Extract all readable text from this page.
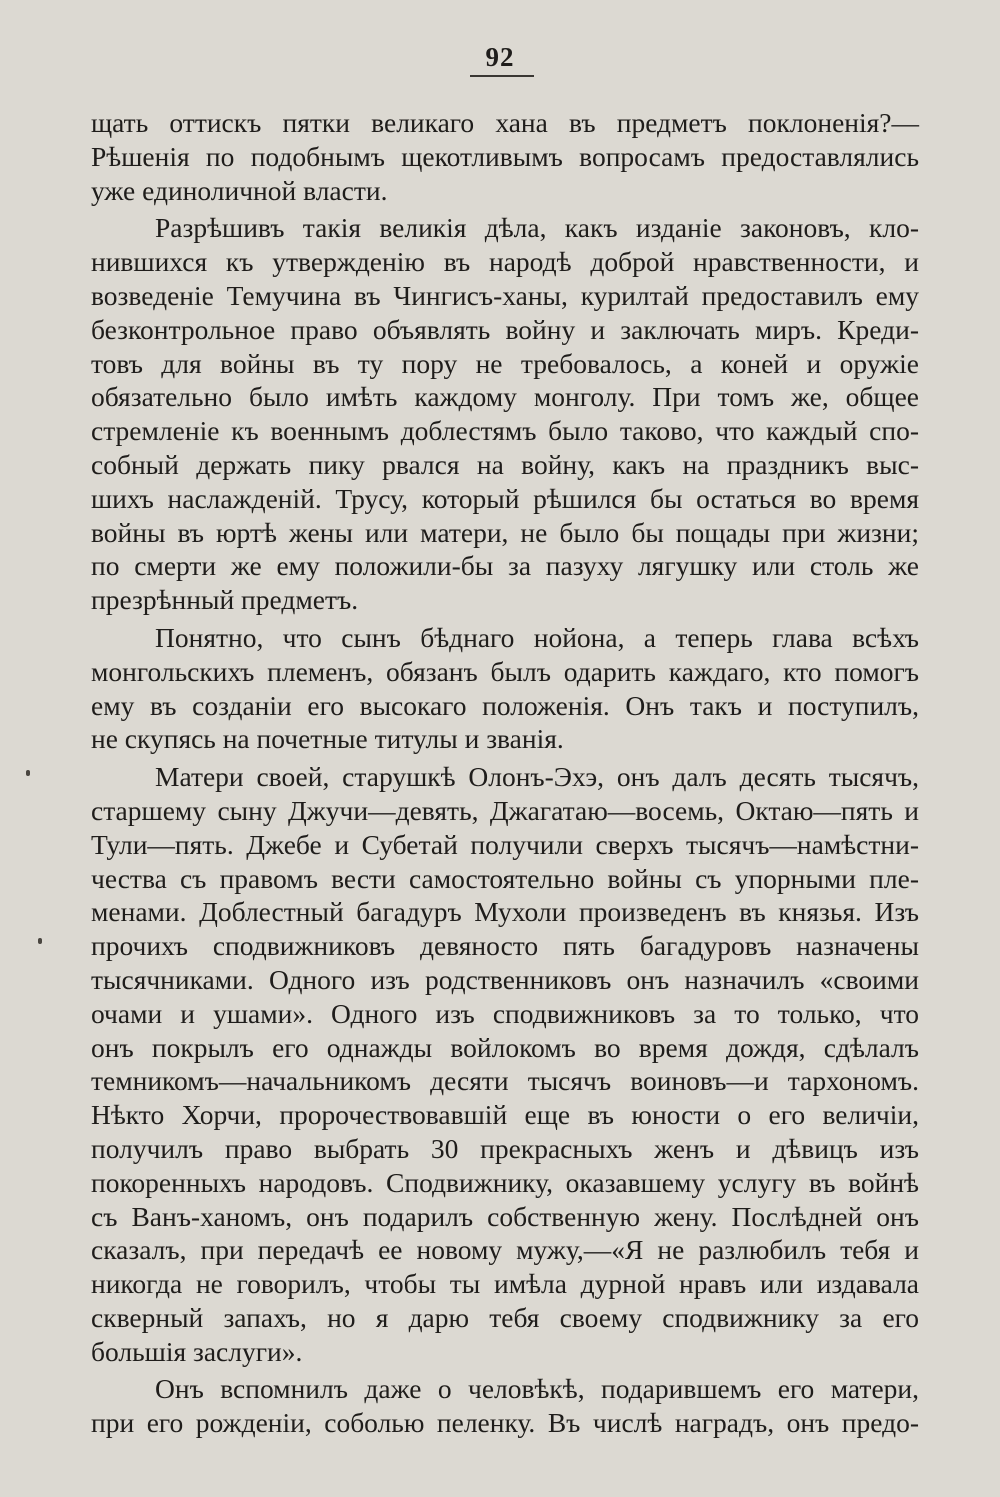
92
щать оттискъ пятки великаго хана въ предметъ поклоненія?—
Рѣшенія по подобнымъ щекотливымъ вопросамъ предоставлялись
уже единоличной власти.
Разрѣшивъ такія великія дѣла, какъ изданіе законовъ, кло-
нившихся къ утвержденію въ народѣ доброй нравственности, и
возведеніе Темучина въ Чингисъ-ханы, курилтай предоставилъ ему
безконтрольное право объявлять войну и заключать миръ. Креди-
товъ для войны въ ту пору не требовалось, а коней и оружіе
обязательно было имѣть каждому монголу. При томъ же, общее
стремленіе къ военнымъ доблестямъ было таково, что каждый спо-
собный держать пику рвался на войну, какъ на праздникъ выс-
шихъ наслажденій. Трусу, который рѣшился бы остаться во время
войны въ юртѣ жены или матери, не было бы пощады при жизни;
по смерти же ему положили-бы за пазуху лягушку или столь же
презрѣнный предметъ.
Понятно, что сынъ бѣднаго нойона, а теперь глава всѣхъ
монгольскихъ племенъ, обязанъ былъ одарить каждаго, кто помогъ
ему въ созданіи его высокаго положенія. Онъ такъ и поступилъ,
не скупясь на почетные титулы и званія.
Матери своей, старушкѣ Олонъ-Эхэ, онъ далъ десять тысячъ,
старшему сыну Джучи—девять, Джагатаю—восемь, Октаю—пять и
Тули—пять. Джебе и Субетай получили сверхъ тысячъ—намѣстни-
чества съ правомъ вести самостоятельно войны съ упорными пле-
менами. Доблестный багадуръ Мухоли произведенъ въ князья. Изъ
прочихъ сподвижниковъ девяносто пять багадуровъ назначены
тысячниками. Одного изъ родственниковъ онъ назначилъ «своими
очами и ушами». Одного изъ сподвижниковъ за то только, что
онъ покрылъ его однажды войлокомъ во время дождя, сдѣлалъ
темникомъ—начальникомъ десяти тысячъ воиновъ—и тархономъ.
Нѣкто Хорчи, пророчествовавшій еще въ юности о его величіи,
получилъ право выбрать 30 прекрасныхъ женъ и дѣвицъ изъ
покоренныхъ народовъ. Сподвижнику, оказавшему услугу въ войнѣ
съ Ванъ-ханомъ, онъ подарилъ собственную жену. Послѣдней онъ
сказалъ, при передачѣ ее новому мужу,—«Я не разлюбилъ тебя и
никогда не говорилъ, чтобы ты имѣла дурной нравъ или издавала
скверный запахъ, но я дарю тебя своему сподвижнику за его
большія заслуги».
Онъ вспомнилъ даже о человѣкѣ, подарившемъ его матери,
при его рожденіи, соболью пеленку. Въ числѣ наградъ, онъ предо-
